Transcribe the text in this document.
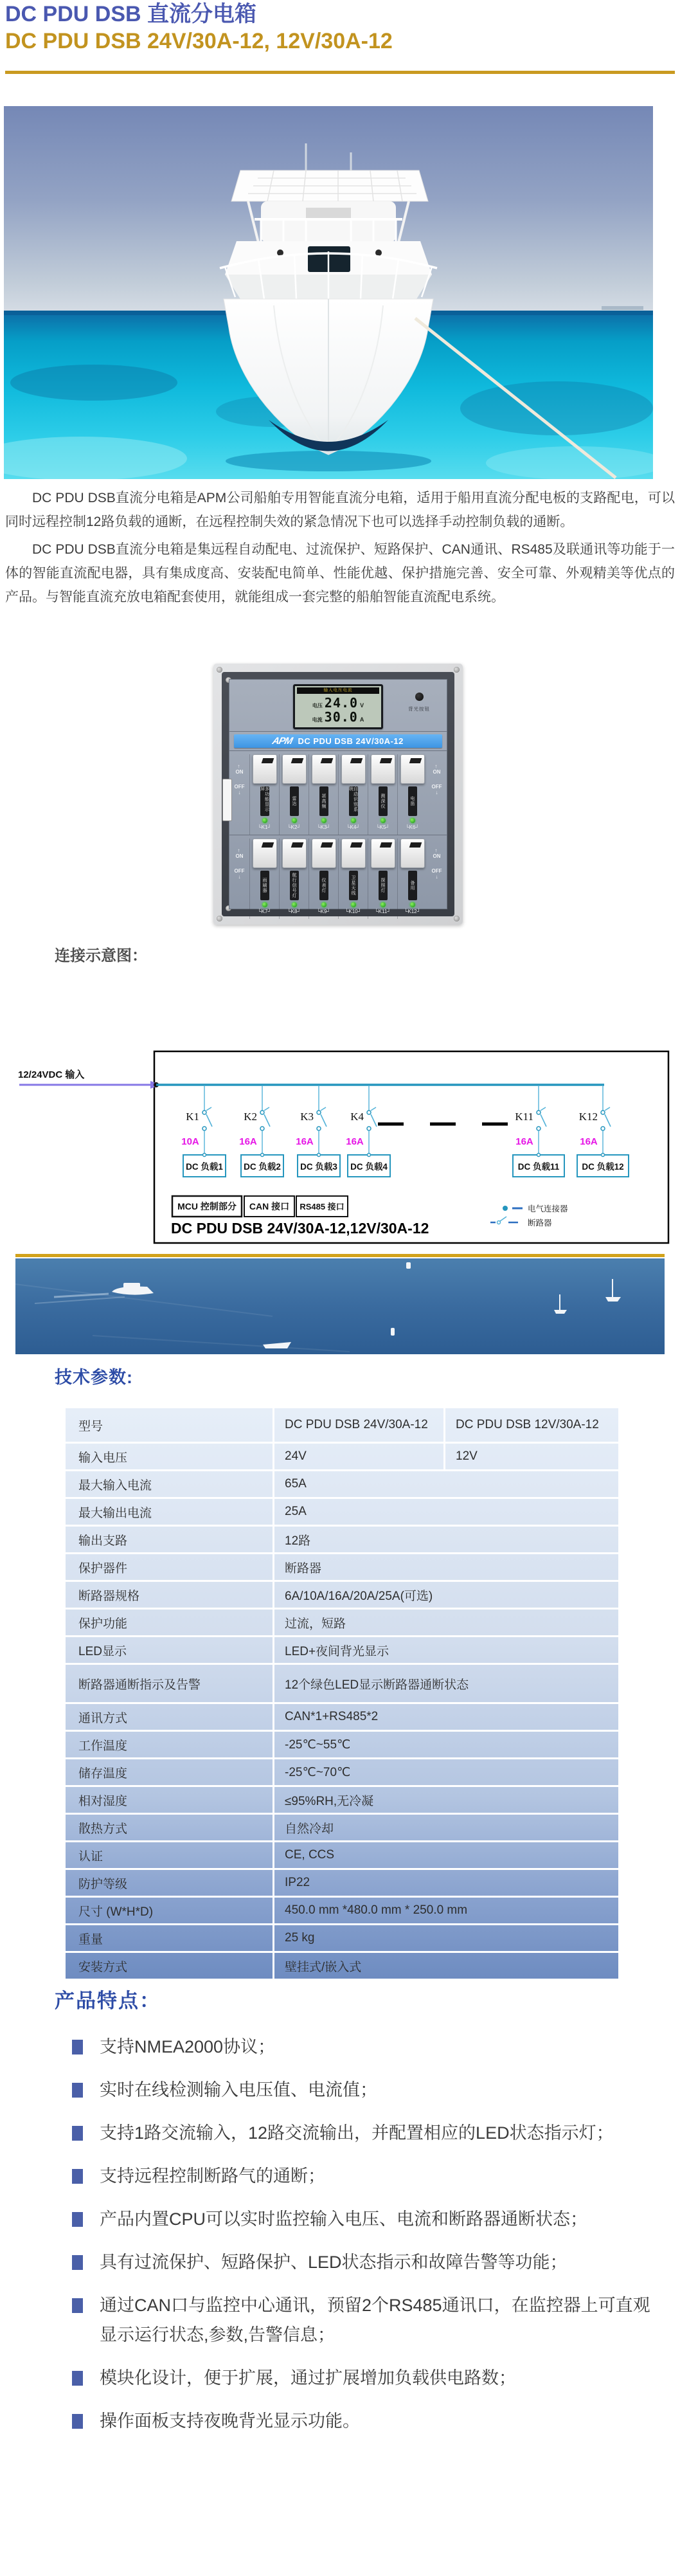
DC PDU DSB 直流分电箱
DC PDU DSB 24V/30A-12, 12V/30A-12

DC PDU DSB直流分电箱是APM公司船舶专用智能直流分电箱，适用于船用直流分配电板的支路配电，可以同时远程控制12路负载的通断，在远程控制失效的紧急情况下也可以选择手动控制负载的通断。

DC PDU DSB直流分电箱是集远程自动配电、过流保护、短路保护、CAN通讯、RS485及联通讯等功能于一体的智能直流配电器，具有集成度高、安装配电简单、性能优越、保护措施完善、安全可靠、外观精美等优点的产品。与智能直流充放电箱配套使用，就能组成一套完整的船舶智能直流配电系统。

输入电压电流
电压 24.0 V
电流 30.0 A
背光按钮
APM DC PDU DSB 24V/30A-12
↑
ON
OFF
↓	多功能显示屏
└K1┘
雷达
└K2┘
甚高频
└K3┘
自动识别系统
└K4┘
测深仪
└K5┘
电笛
└K6┘
↑
ON
OFF
↓
↑
ON
OFF
↓
雨刷器
└K7┘
航行信号灯
└K8┘
仪表灯
└K9┘
卫星天线
└K10┘
探照灯
└K11┘
备用
└K12┘
↑
ON
OFF
↓
连接示意图：
12/24VDC 输入
K1
10A
DC 负载1
K2
16A
DC 负载2
K3
16A
DC 负载3
K4
16A
DC 负载4
K11
16A
DC 负载11
K12
16A
DC 负载12
MCU 控制部分 CAN 接口 RS485 接口
DC PDU DSB 24V/30A-12,12V/30A-12
电气连接器
断路器
技术参数:
型号	DC PDU DSB 24V/30A-12	DC PDU DSB 12V/30A-12
输入电压	24V	12V
最大输入电流	65A
最大输出电流	25A
输出支路	12路
保护器件	断路器
断路器规格	6A/10A/16A/20A/25A(可选)
保护功能	过流，短路
LED显示	LED+夜间背光显示
断路器通断指示及告警	12个绿色LED显示断路器通断状态
通讯方式	CAN*1+RS485*2
工作温度	-25℃~55℃
储存温度	-25℃~70℃
相对湿度	≤95%RH,无冷凝
散热方式	自然冷却
认证	CE, CCS
防护等级	IP22
尺寸 (W*H*D)	450.0 mm *480.0 mm * 250.0 mm
重量	25 kg
安装方式	壁挂式/嵌入式
产品特点：
支持NMEA2000协议；
实时在线检测输入电压值、电流值；
支持1路交流输入，12路交流输出，并配置相应的LED状态指示灯；
支持远程控制断路气的通断；
产品内置CPU可以实时监控输入电压、电流和断路器通断状态；
具有过流保护、短路保护、LED状态指示和故障告警等功能；
通过CAN口与监控中心通讯，预留2个RS485通讯口，在监控器上可直观显示运行状态,参数,告警信息；
模块化设计，便于扩展，通过扩展增加负载供电路数；
操作面板支持夜晚背光显示功能。
